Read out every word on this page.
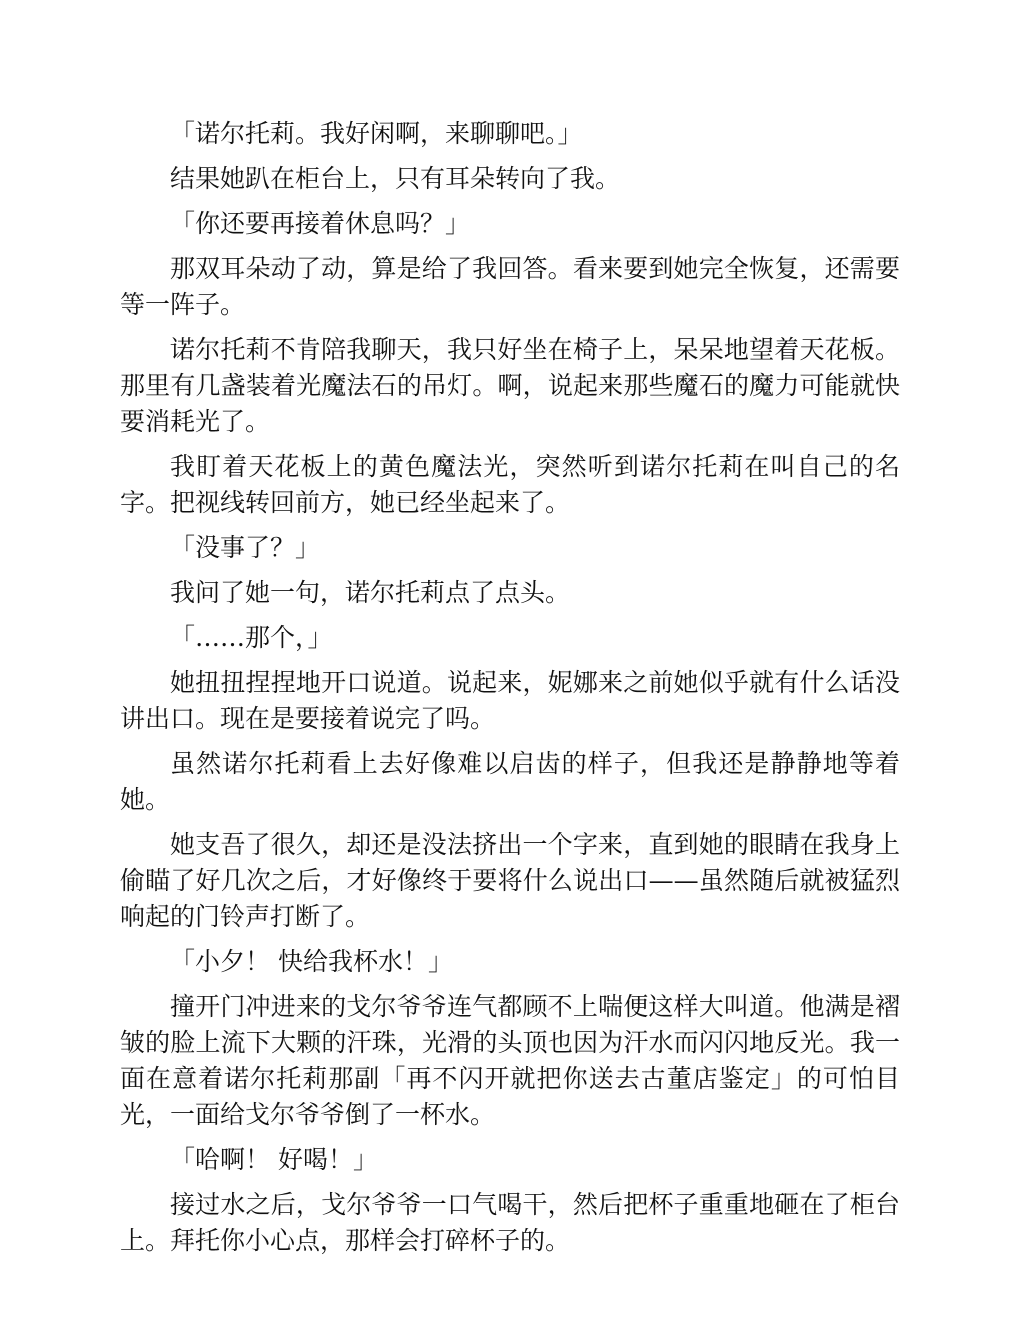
「诺尔托莉。我好闲啊，来聊聊吧。」

结果她趴在柜台上，只有耳朵转向了我。

「你还要再接着休息吗？」

那双耳朵动了动，算是给了我回答。看来要到她完全恢复，还需要等一阵子。

诺尔托莉不肯陪我聊天，我只好坐在椅子上，呆呆地望着天花板。那里有几盏装着光魔法石的吊灯。啊，说起来那些魔石的魔力可能就快要消耗光了。

我盯着天花板上的黄色魔法光，突然听到诺尔托莉在叫自己的名字。把视线转回前方，她已经坐起来了。

「没事了？」

我问了她一句，诺尔托莉点了点头。

「……那个，」

她扭扭捏捏地开口说道。说起来，妮娜来之前她似乎就有什么话没讲出口。现在是要接着说完了吗。

虽然诺尔托莉看上去好像难以启齿的样子，但我还是静静地等着她。

她支吾了很久，却还是没法挤出一个字来，直到她的眼睛在我身上偷瞄了好几次之后，才好像终于要将什么说出口——虽然随后就被猛烈响起的门铃声打断了。

「小夕！ 快给我杯水！」

撞开门冲进来的戈尔爷爷连气都顾不上喘便这样大叫道。他满是褶皱的脸上流下大颗的汗珠，光滑的头顶也因为汗水而闪闪地反光。我一面在意着诺尔托莉那副「再不闪开就把你送去古董店鉴定」的可怕目光，一面给戈尔爷爷倒了一杯水。

「哈啊！ 好喝！」

接过水之后，戈尔爷爷一口气喝干，然后把杯子重重地砸在了柜台上。拜托你小心点，那样会打碎杯子的。
